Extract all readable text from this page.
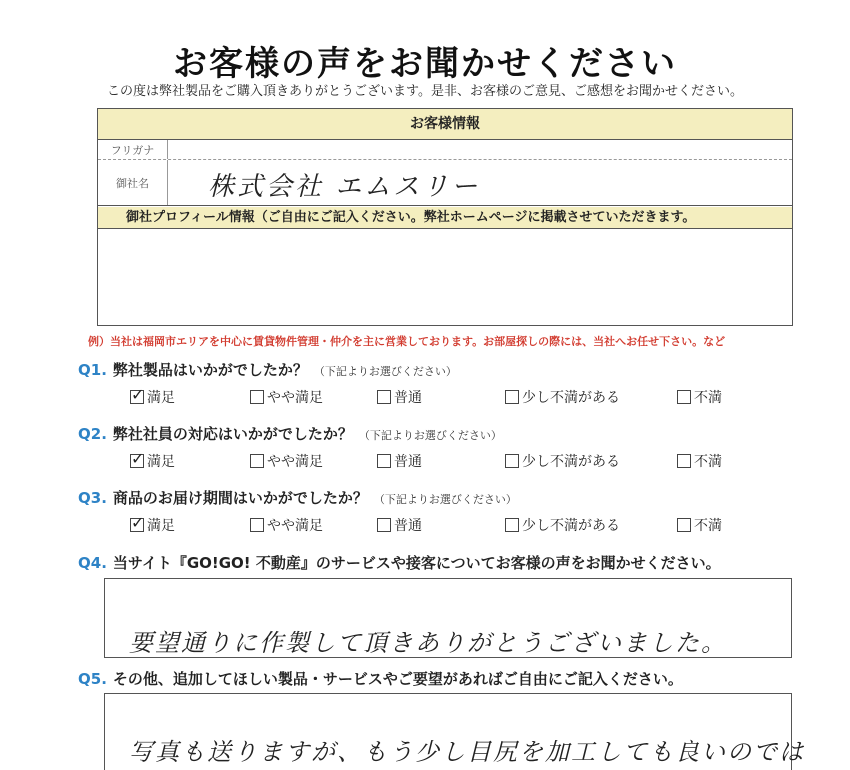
お客様の声をお聞かせください
この度は弊社製品をご購入頂きありがとうございます。是非、お客様のご意見、ご感想をお聞かせください。
お客様情報
フリガナ
御社名	株式会社 エムスリー
御社プロフィール情報（ご自由にご記入ください。弊社ホームページに掲載させていただきます。
例）当社は福岡市エリアを中心に賃貸物件管理・仲介を主に営業しております。お部屋探しの際には、当社へお任せ下さい。など
Q1. 弊社製品はいかがでしたか？ （下記よりお選びください）
✓
満足	やや満足	普通	少し不満がある	不満
Q2. 弊社社員の対応はいかがでしたか？ （下記よりお選びください）
✓
満足	やや満足	普通	少し不満がある	不満
Q3. 商品のお届け期間はいかがでしたか？ （下記よりお選びください）
✓
満足	やや満足	普通	少し不満がある	不満
Q4. 当サイト『GO!GO! 不動産』のサービスや接客についてお客様の声をお聞かせください。
要望通りに作製して頂きありがとうございました。
Q5. その他、追加してほしい製品・サービスやご要望があればご自由にご記入ください。
写真も送りますが、もう少し目尻を加工しても良いのでは
